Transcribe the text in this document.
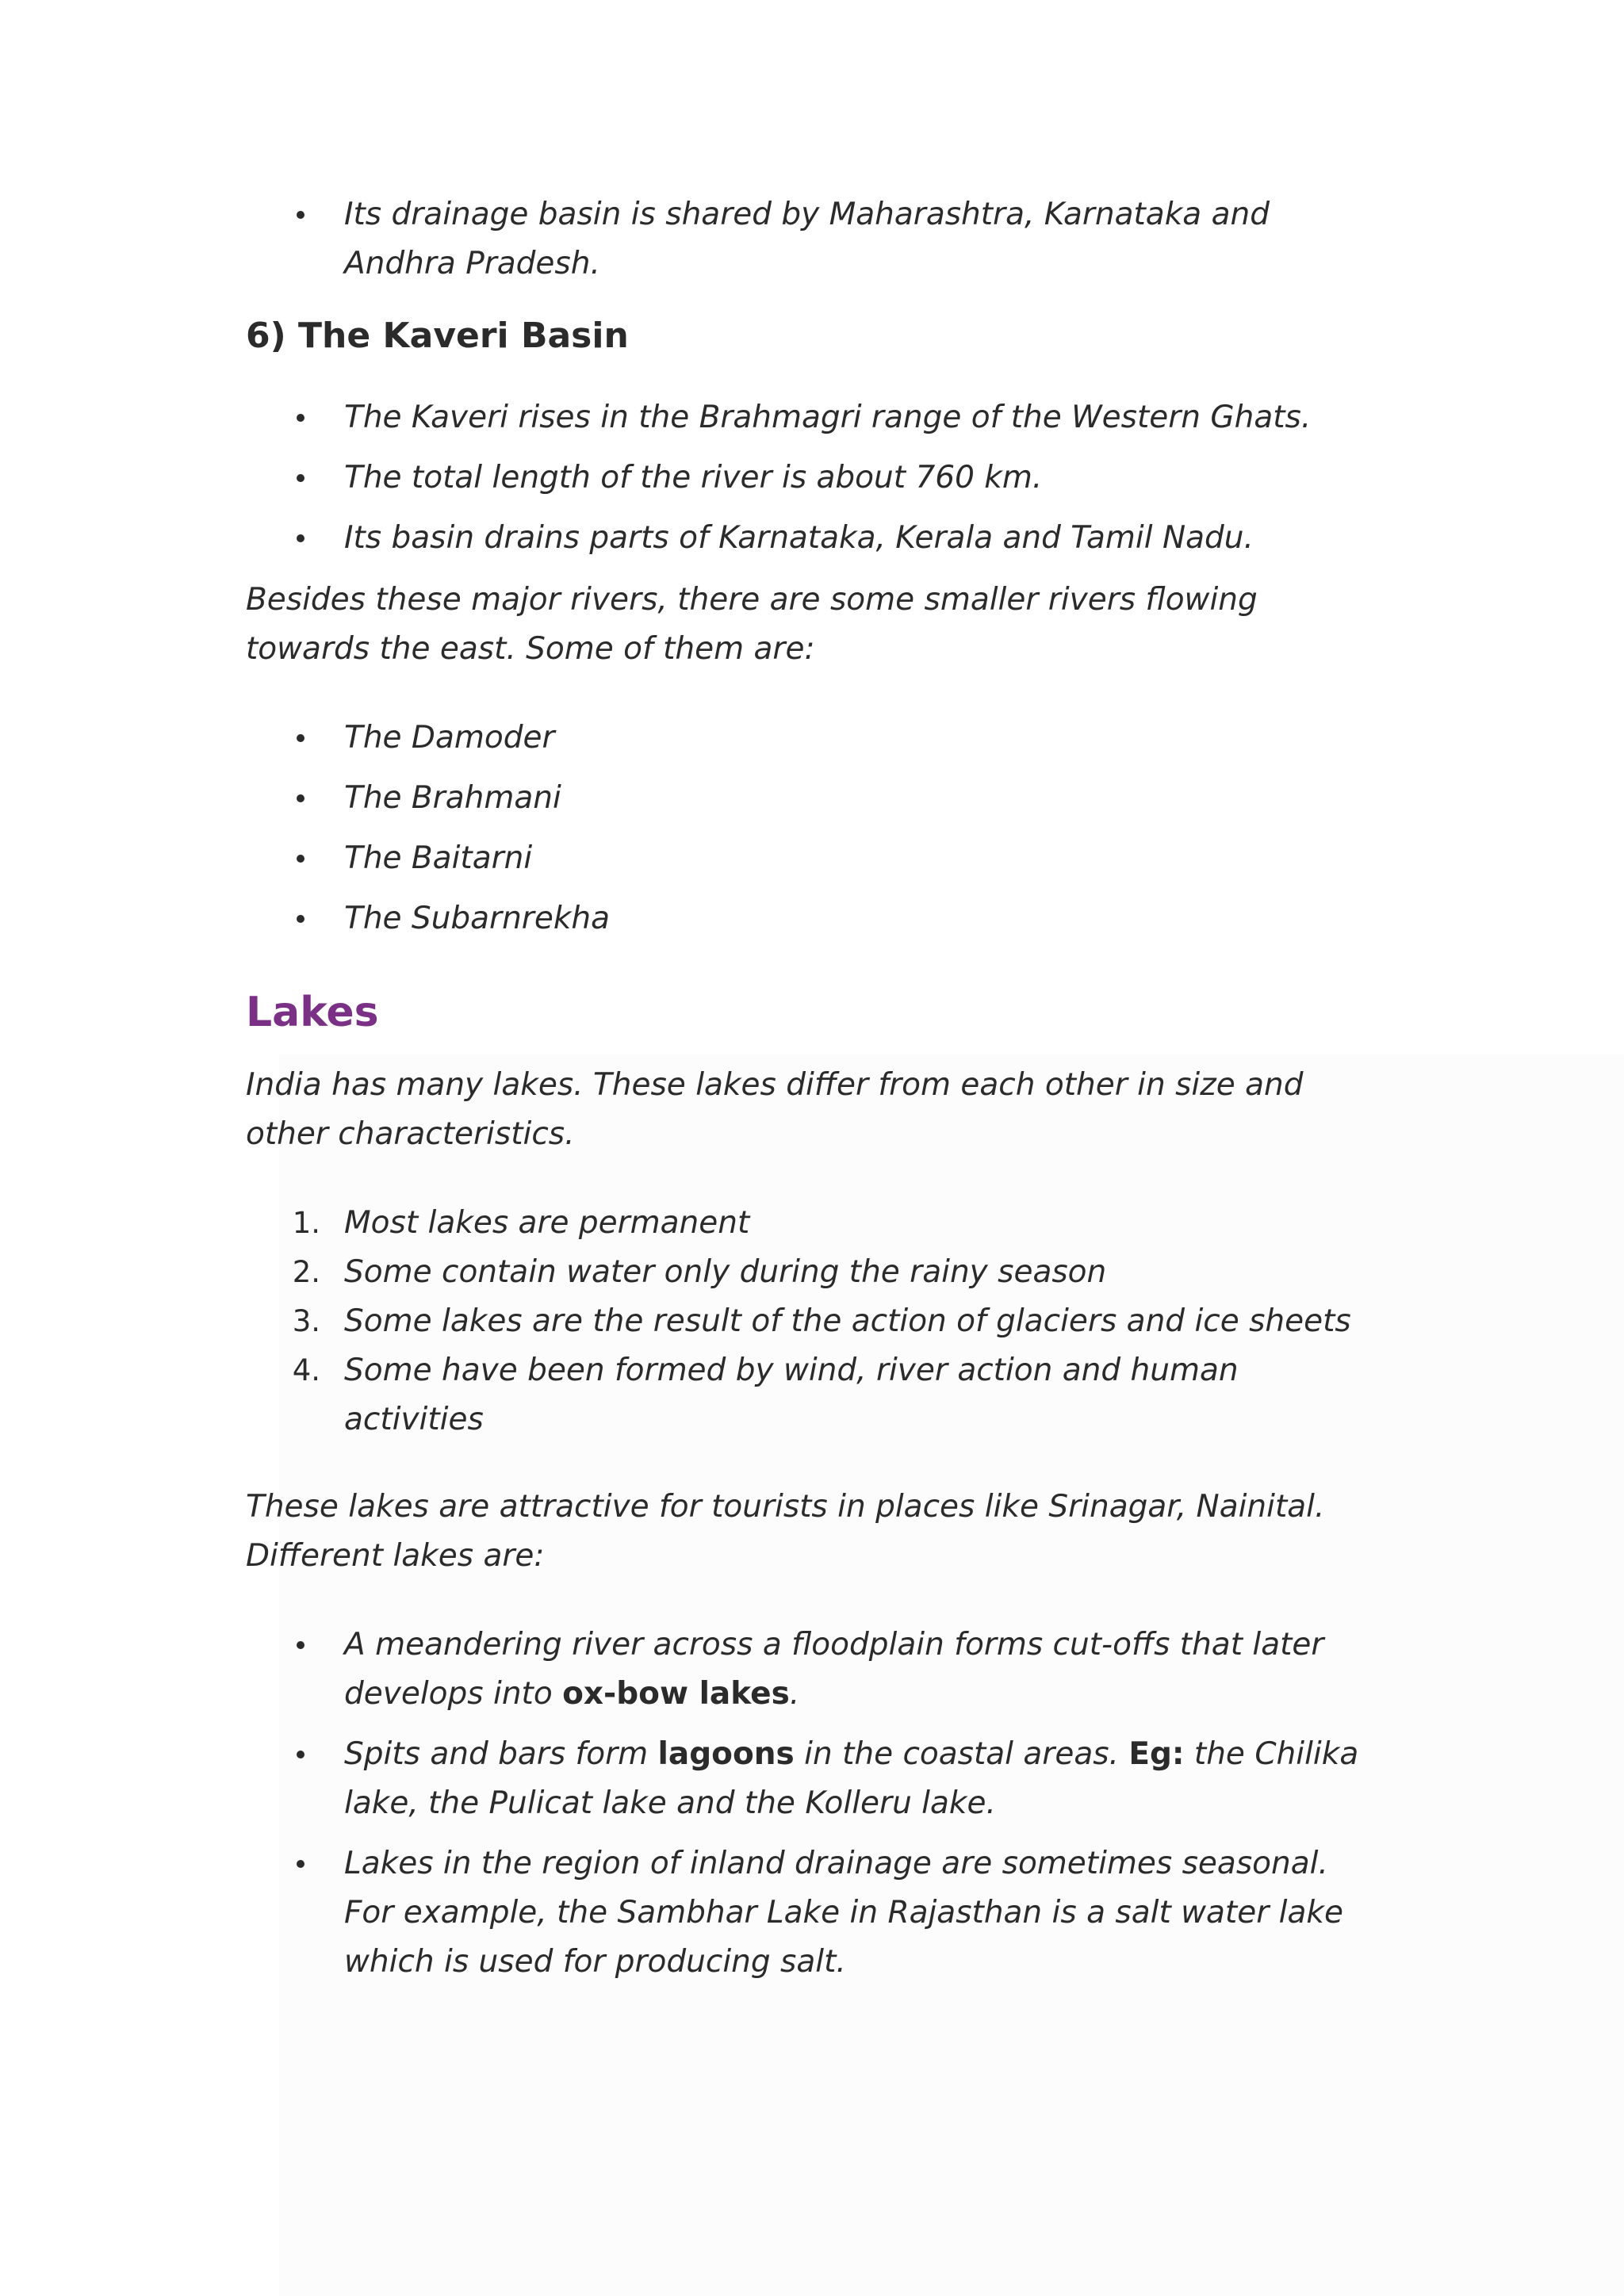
Its drainage basin is shared by Maharashtra, Karnataka and Andhra Pradesh.
6) The Kaveri Basin
The Kaveri rises in the Brahmagri range of the Western Ghats.
The total length of the river is about 760 km.
Its basin drains parts of Karnataka, Kerala and Tamil Nadu.

Besides these major rivers, there are some smaller rivers flowing towards the east. Some of them are:

The Damoder
The Brahmani
The Baitarni
The Subarnrekha
Lakes

India has many lakes. These lakes differ from each other in size and other characteristics.

1. Most lakes are permanent
2. Some contain water only during the rainy season
3. Some lakes are the result of the action of glaciers and ice sheets
4. Some have been formed by wind, river action and human activities

These lakes are attractive for tourists in places like Srinagar, Nainital. Different lakes are:

A meandering river across a floodplain forms cut-offs that later develops into ox-bow lakes.
Spits and bars form lagoons in the coastal areas. Eg: the Chilika lake, the Pulicat lake and the Kolleru lake.
Lakes in the region of inland drainage are sometimes seasonal. For example, the Sambhar Lake in Rajasthan is a salt water lake which is used for producing salt.
